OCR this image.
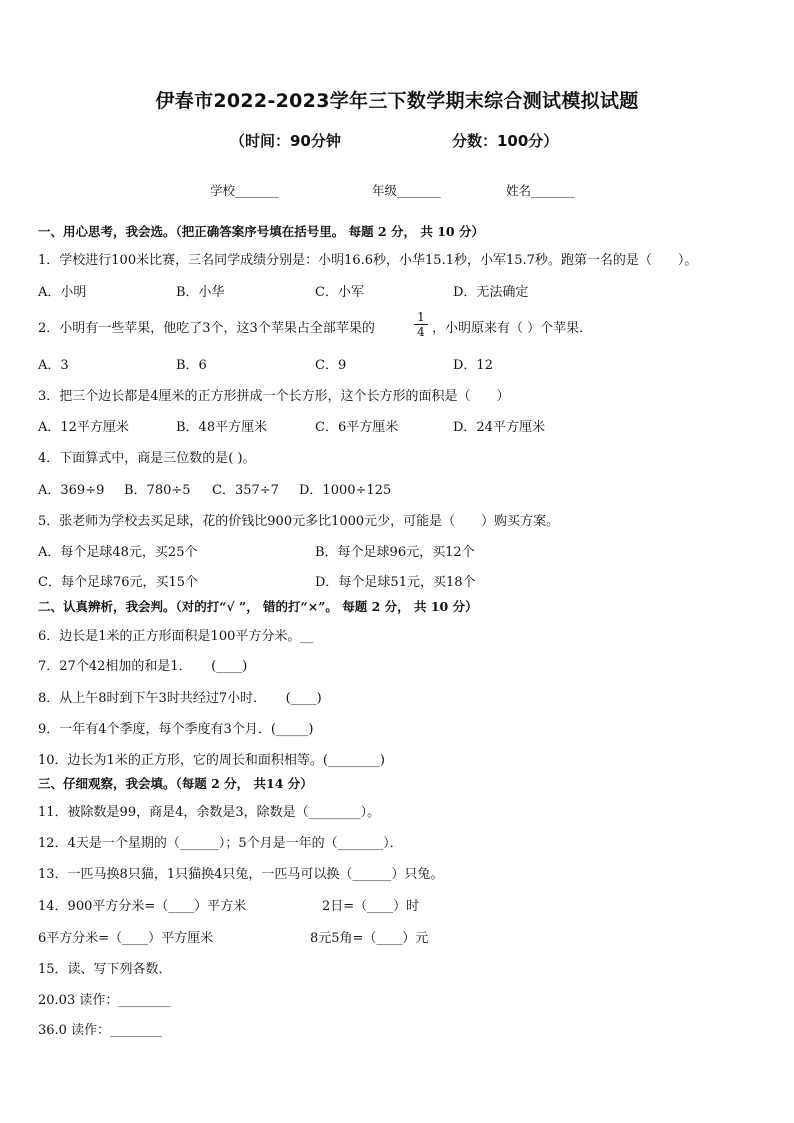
伊春市2022-2023学年三下数学期末综合测试模拟试题
（时间：90分钟	分数：100分）
学校_______	年级_______	姓名_______
一、用心思考，我会选。（把正确答案序号填在括号里。 每题 2 分， 共 10 分）
1．学校进行100米比赛，三名同学成绩分别是：小明16.6秒，小华15.1秒，小军15.7秒。跑第一名的是（　　）。
A．小明	B．小华	C．小军	D．无法确定
2．小明有一些苹果，他吃了3个，这3个苹果占全部苹果的	$\frac{1}{4}$ ，小明原来有（ ）个苹果．
A．3	B．6	C．9	D．12
3．把三个边长都是4厘米的正方形拼成一个长方形，这个长方形的面积是（　　）
A．12平方厘米	B．48平方厘米	C．6平方厘米	D．24平方厘米
4．下面算式中，商是三位数的是( )。
A．369÷9 B．780÷5 C．357÷7 D．1000÷125
5．张老师为学校去买足球，花的价钱比900元多比1000元少，可能是（　　）购买方案。
A．每个足球48元，买25个	B．每个足球96元，买12个
C．每个足球76元，买15个	D．每个足球51元，买18个
二、认真辨析，我会判。（对的打“√ ”， 错的打“×”。 每题 2 分， 共 10 分）
6．边长是1米的正方形面积是100平方分米。__
7．27个42相加的和是1．　　(____)
8．从上午8时到下午3时共经过7小时．　　(____)
9．一年有4个季度，每个季度有3个月．(_____)
10．边长为1米的正方形，它的周长和面积相等。(________)
三、仔细观察，我会填。（每题 2 分， 共14 分）
11．被除数是99，商是4，余数是3，除数是（________）。
12．4天是一个星期的（______）；5个月是一年的（_______）．
13．一匹马换8只猫，1只猫换4只兔，一匹马可以换（______）只兔。
14．900平方分米=（____）平方米	2日=（____）时
6平方分米=（____）平方厘米	8元5角=（____）元
15．读、写下列各数．
20.03 读作：________
36.0 读作：________
